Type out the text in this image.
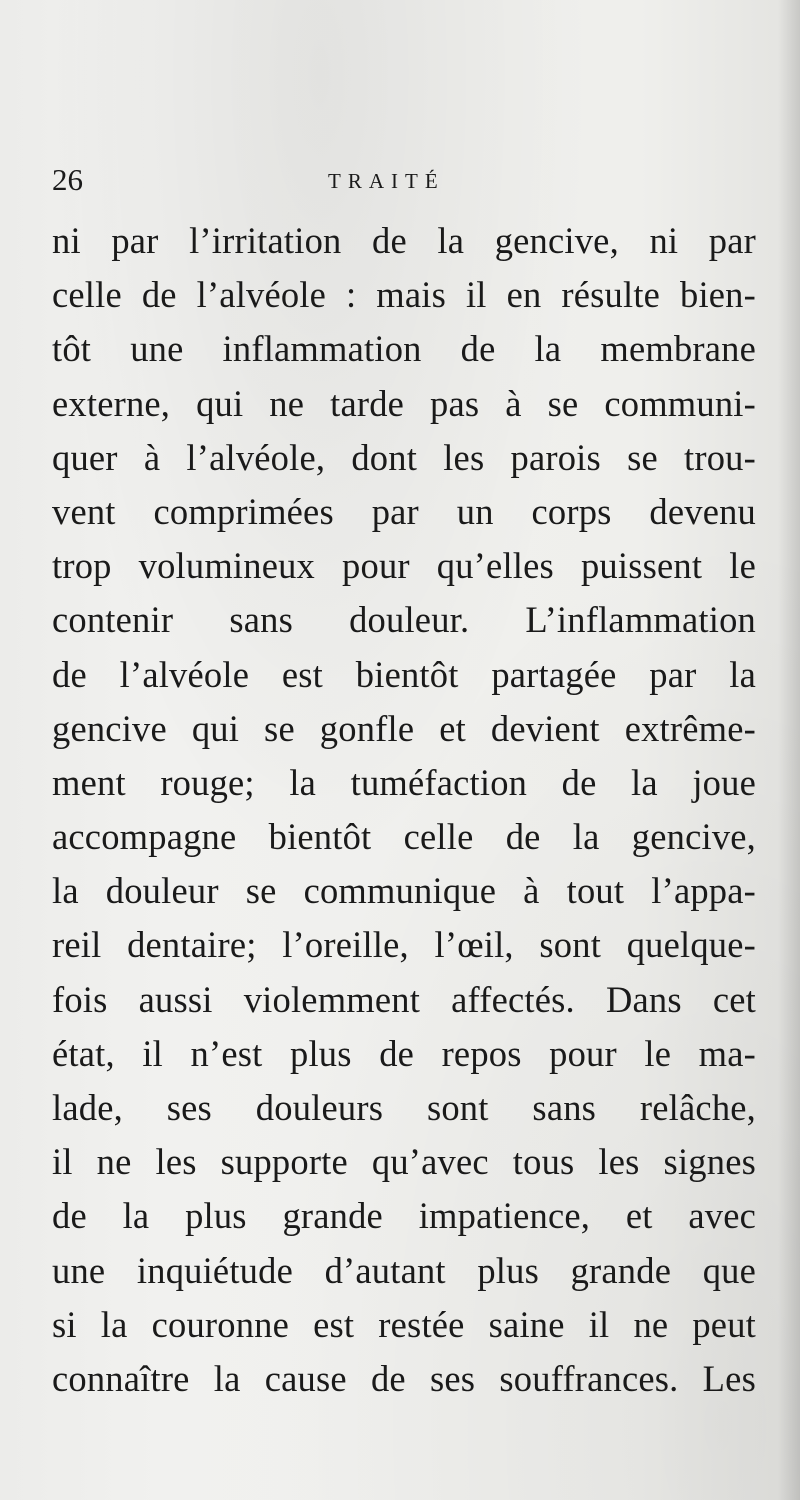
26	TRAITÉ
ni par l’irritation de la gencive, ni par
celle de l’alvéole : mais il en résulte bien-
tôt une inflammation de la membrane
externe, qui ne tarde pas à se communi-
quer à l’alvéole, dont les parois se trou-
vent comprimées par un corps devenu
trop volumineux pour qu’elles puissent le
contenir sans douleur. L’inflammation
de l’alvéole est bientôt partagée par la
gencive qui se gonfle et devient extrême-
ment rouge; la tuméfaction de la joue
accompagne bientôt celle de la gencive,
la douleur se communique à tout l’appa-
reil dentaire; l’oreille, l’œil, sont quelque-
fois aussi violemment affectés. Dans cet
état, il n’est plus de repos pour le ma-
lade, ses douleurs sont sans relâche,
il ne les supporte qu’avec tous les signes
de la plus grande impatience, et avec
une inquiétude d’autant plus grande que
si la couronne est restée saine il ne peut
connaître la cause de ses souffrances. Les
